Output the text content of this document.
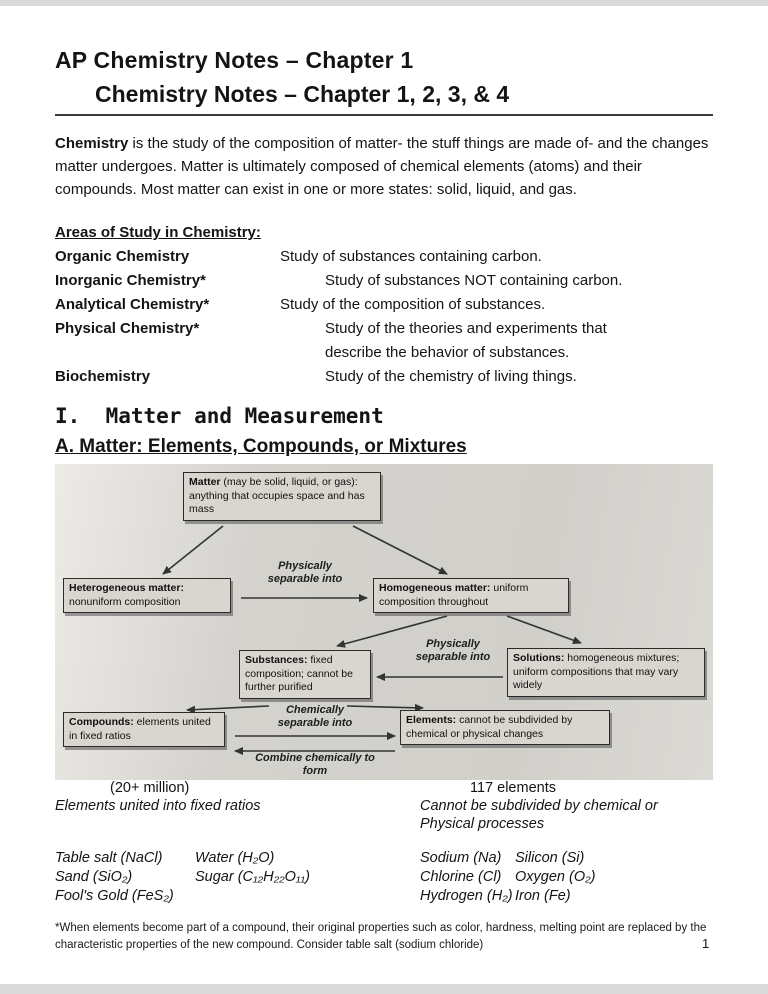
AP Chemistry Notes – Chapter 1
Chemistry Notes – Chapter 1, 2, 3, & 4

Chemistry is the study of the composition of matter- the stuff things are made of- and the changes matter undergoes. Matter is ultimately composed of chemical elements (atoms) and their compounds. Most matter can exist in one or more states: solid, liquid, and gas.

Areas of Study in Chemistry:
Organic Chemistry	Study of substances containing carbon.
Inorganic Chemistry*	Study of substances NOT containing carbon.
Analytical Chemistry*	Study of the composition of substances.
Physical Chemistry*	Study of the theories and experiments that
describe the behavior of substances.
Biochemistry	Study of the chemistry of living things.
I.  Matter and Measurement
A. Matter: Elements, Compounds, or Mixtures
Matter (may be solid, liquid, or gas): anything that occupies space and has mass
Heterogeneous matter: nonuniform composition
Homogeneous matter: uniform composition throughout
Substances: fixed composition; cannot be further purified
Solutions: homogeneous mixtures; uniform compositions that may vary widely
Compounds: elements united in fixed ratios
Elements: cannot be subdivided by chemical or physical changes
Physically separable into
Physically separable into
Chemically separable into
Combine chemically to form
(20+ million)	117 elements
Elements united into fixed ratios	Cannot be subdivided by chemical or
Physical processes
Table salt (NaCl)	Water (H₂O)
Sand (SiO₂)	Sugar (C₁₂H₂₂O₁₁)
Fool's Gold (FeS₂)
Sodium (Na) Silicon (Si)
Chlorine (Cl) Oxygen (O₂)
Hydrogen (H₂) Iron (Fe)
*When elements become part of a compound, their original properties such as color, hardness, melting point are replaced by the characteristic properties of the new compound. Consider table salt (sodium chloride)	1
